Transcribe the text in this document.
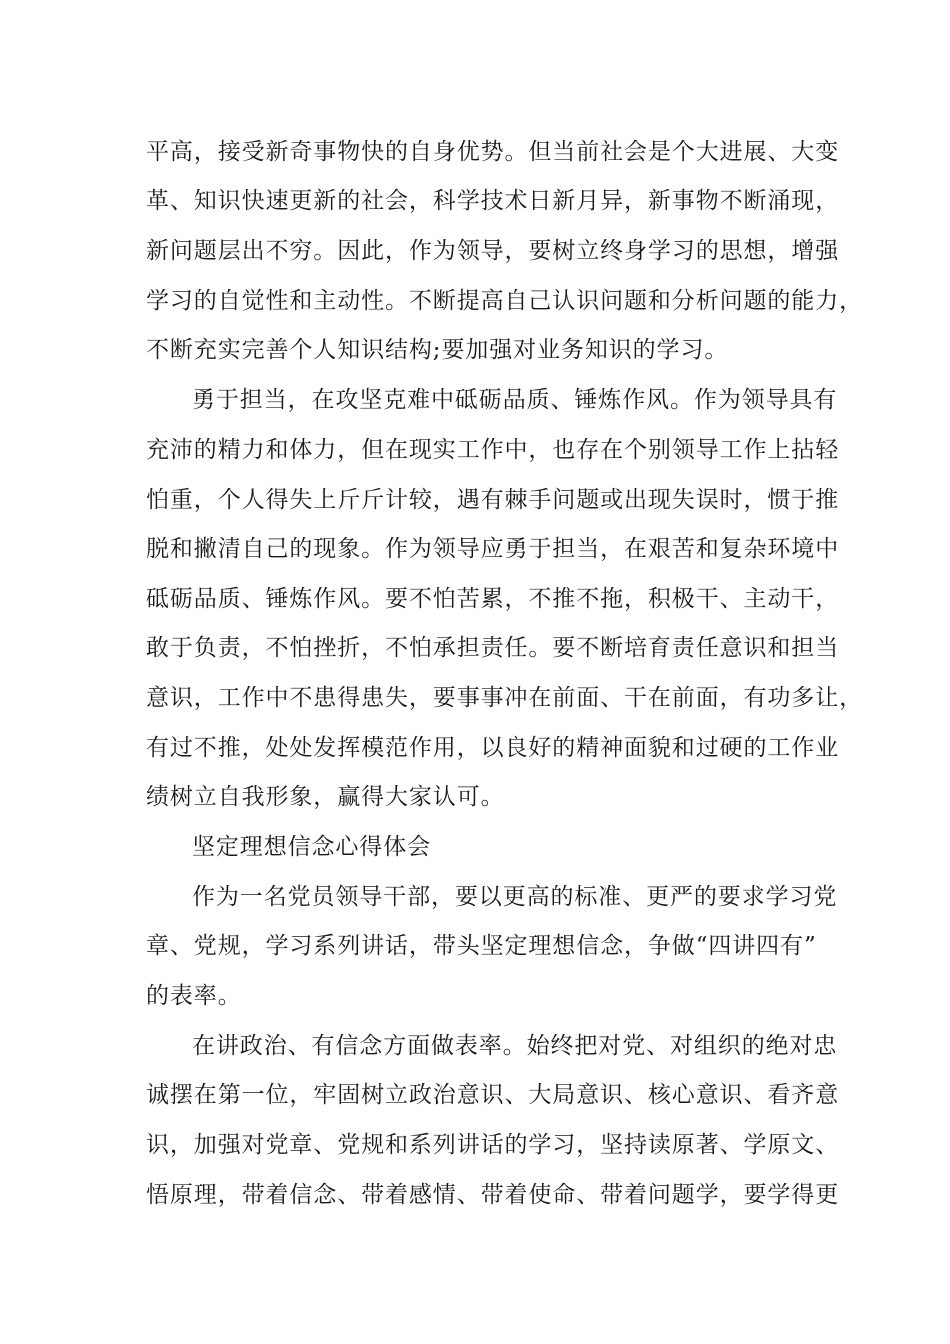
平高，接受新奇事物快的自身优势。但当前社会是个大进展、大变

革、知识快速更新的社会，科学技术日新月异，新事物不断涌现，

新问题层出不穷。因此，作为领导，要树立终身学习的思想，增强

学习的自觉性和主动性。不断提高自己认识问题和分析问题的能力，

不断充实完善个人知识结构;要加强对业务知识的学习。

勇于担当，在攻坚克难中砥砺品质、锤炼作风。作为领导具有

充沛的精力和体力，但在现实工作中，也存在个别领导工作上拈轻

怕重，个人得失上斤斤计较，遇有棘手问题或出现失误时，惯于推

脱和撇清自己的现象。作为领导应勇于担当，在艰苦和复杂环境中

砥砺品质、锤炼作风。要不怕苦累，不推不拖，积极干、主动干，

敢于负责，不怕挫折，不怕承担责任。要不断培育责任意识和担当

意识，工作中不患得患失，要事事冲在前面、干在前面，有功多让，

有过不推，处处发挥模范作用，以良好的精神面貌和过硬的工作业

绩树立自我形象，赢得大家认可。

坚定理想信念心得体会

作为一名党员领导干部，要以更高的标准、更严的要求学习党

章、党规，学习系列讲话，带头坚定理想信念，争做“四讲四有”

的表率。

在讲政治、有信念方面做表率。始终把对党、对组织的绝对忠

诚摆在第一位，牢固树立政治意识、大局意识、核心意识、看齐意

识，加强对党章、党规和系列讲话的学习，坚持读原著、学原文、

悟原理，带着信念、带着感情、带着使命、带着问题学，要学得更
